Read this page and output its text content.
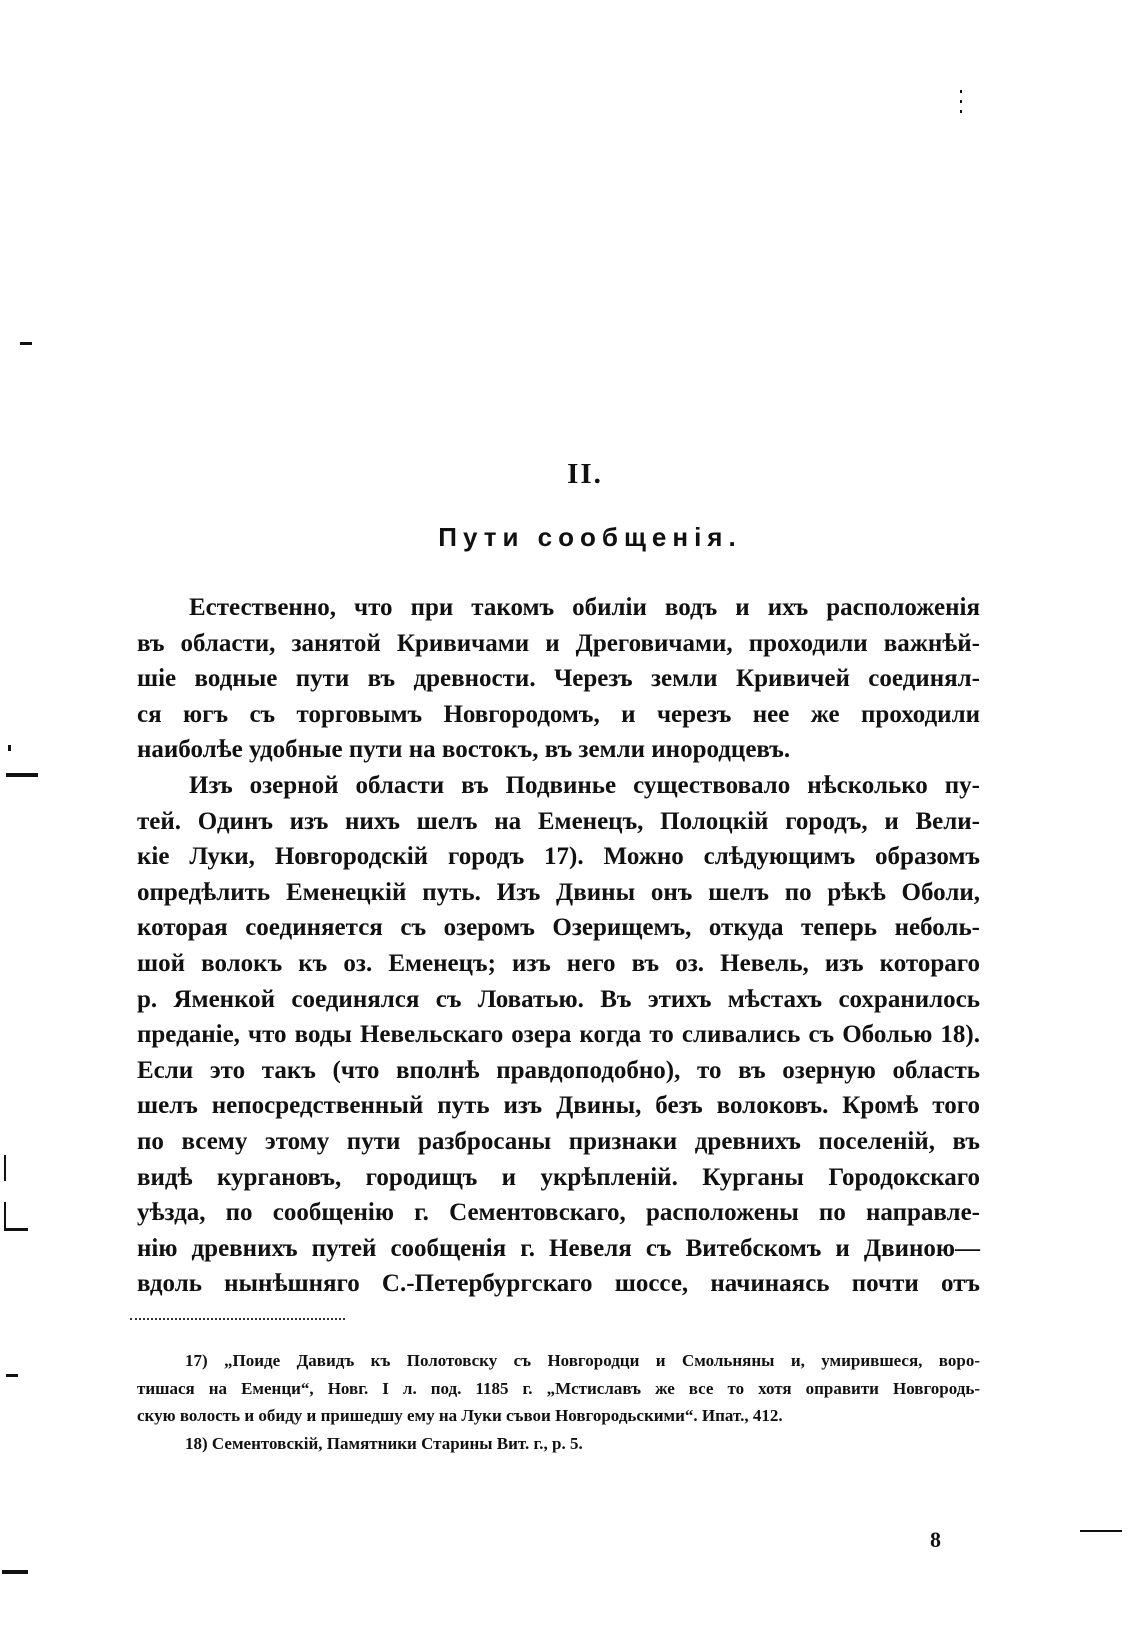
II.
Пути сообщенія.
Естественно, что при такомъ обиліи водъ и ихъ расположенія
въ области, занятой Кривичами и Дреговичами, проходили важнѣй-
шіе водные пути въ древности. Черезъ земли Кривичей соединял-
ся югъ съ торговымъ Новгородомъ, и черезъ нее же проходили
наиболѣе удобные пути на востокъ, въ земли инородцевъ.
Изъ озерной области въ Подвинье существовало нѣсколько пу-
тей. Одинъ изъ нихъ шелъ на Еменецъ, Полоцкій городъ, и Вели-
кіе Луки, Новгородскій городъ 17). Можно слѣдующимъ образомъ
опредѣлить Еменецкій путь. Изъ Двины онъ шелъ по рѣкѣ Оболи,
которая соединяется съ озеромъ Озерищемъ, откуда теперь неболь-
шой волокъ къ оз. Еменецъ; изъ него въ оз. Невель, изъ котораго
р. Яменкой соединялся съ Ловатью. Въ этихъ мѣстахъ сохранилось
преданіе, что воды Невельскаго озера когда то сливались съ Оболью 18).
Если это такъ (что вполнѣ правдоподобно), то въ озерную область
шелъ непосредственный путь изъ Двины, безъ волоковъ. Кромѣ того
по всему этому пути разбросаны признаки древнихъ поселеній, въ
видѣ кургановъ, городищъ и укрѣпленій. Курганы Городокскаго
уѣзда, по сообщенію г. Сементовскаго, расположены по направле-
нію древнихъ путей сообщенія г. Невеля съ Витебскомъ и Двиною—
вдоль нынѣшняго С.-Петербургскаго шоссе, начинаясь почти отъ
17) „Поиде Давидъ къ Полотовску съ Новгородци и Смольняны и, умирившеся, воро-
тишася на Еменци“, Новг. I л. под. 1185 г. „Мстиславъ же все то хотя оправити Новгородь-
скую волость и обиду и пришедшу ему на Луки съвои Новгородьскими“. Ипат., 412.
18) Сементовскій, Памятники Старины Вит. г., p. 5.
8
